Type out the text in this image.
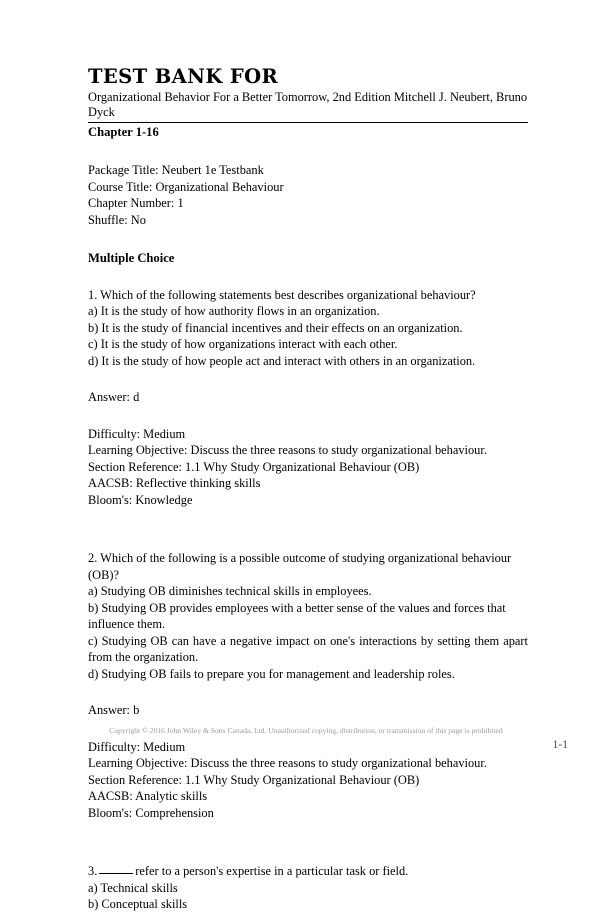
TEST BANK FOR

Organizational Behavior For a Better Tomorrow, 2nd Edition Mitchell J. Neubert, Bruno Dyck

Chapter 1-16

Package Title: Neubert 1e Testbank

Course Title: Organizational Behaviour

Chapter Number: 1

Shuffle: No

Multiple Choice

1. Which of the following statements best describes organizational behaviour?

a) It is the study of how authority flows in an organization.

b) It is the study of financial incentives and their effects on an organization.

c) It is the study of how organizations interact with each other.

d) It is the study of how people act and interact with others in an organization.

Answer: d

Difficulty: Medium

Learning Objective: Discuss the three reasons to study organizational behaviour.

Section Reference: 1.1 Why Study Organizational Behaviour (OB)

AACSB: Reflective thinking skills

Bloom's: Knowledge

2. Which of the following is a possible outcome of studying organizational behaviour (OB)?

a) Studying OB diminishes technical skills in employees.

b) Studying OB provides employees with a better sense of the values and forces that influence them.

c) Studying OB can have a negative impact on one's interactions by setting them apart from the organization.

d) Studying OB fails to prepare you for management and leadership roles.

Answer: b

Difficulty: Medium

Learning Objective: Discuss the three reasons to study organizational behaviour.

Section Reference: 1.1 Why Study Organizational Behaviour (OB)

AACSB: Analytic skills

Bloom's: Comprehension

3.	refer to a person's expertise in a particular task or field.

a) Technical skills

b) Conceptual skills

Copyright © 2016 John Wiley & Sons Canada, Ltd. Unauthorized copying, distribution, or transmission of this page is prohibited
1-1
